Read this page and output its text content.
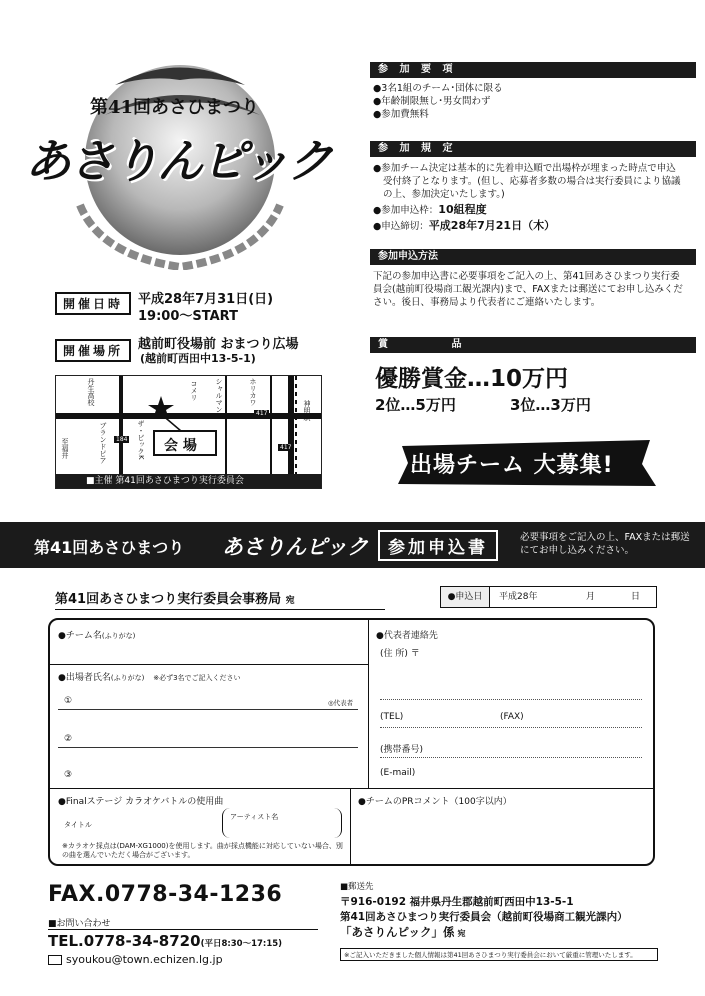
第41回あさひまつり
あさりんピック
開催日時	平成28年7月31日(日)
19:00～START
開催場所	越前町役場前 おまつり広場
(越前町西田中13-5-1)
丹生高校
ブランドピア
至福井	ザ・ビックK
コメリ シャルマン	ホリカワ
神明駅
会 場
417
417
184
■主催 第41回あさひまつり実行委員会
参 加 要 項
●3名1組のチーム･団体に限る
●年齢制限無し･男女問わず
●参加費無料
参 加 規 定
●参加チーム決定は基本的に先着申込順で出場枠が埋まった時点で申込受付終了となります。(但し、応募者多数の場合は実行委員により協議の上、参加決定いたします。)
●参加申込枠：10組程度
●申込締切：平成28年7月21日（木）
参加申込方法
下記の参加申込書に必要事項をご記入の上、第41回あさひまつり実行委員会(越前町役場商工観光課内)まで、FAXまたは郵送にてお申し込みください。後日、事務局より代表者にご連絡いたします。
賞 品
優勝賞金…10万円
2位…5万円	3位…3万円
出場チーム 大募集!
第41回あさひまつり あさりんピック	参加申込書
必要事項をご記入の上、FAXまたは郵送にてお申し込みください。
第41回あさひまつり実行委員会事務局 宛	●申込日	平成28年	月	日
●チーム名(ふりがな)
●出場者氏名(ふりがな) ※必ず3名でご記入ください
①	◎代表者
②
③
●代表者連絡先
(住 所) 〒
(TEL)	(FAX)
(携帯番号)
(E-mail)
●Finalステージ カラオケバトルの使用曲
タイトル
アーティスト名
※カラオケ採点は(DAM-XG1000)を使用します。曲が採点機能に対応していない場合、別の曲を選んでいただく場合がございます。
●チームのPRコメント（100字以内）
FAX.0778-34-1236
■お問い合わせ
TEL.0778-34-8720(平日8:30～17:15)
syoukou@town.echizen.lg.jp
■郵送先
〒916-0192 福井県丹生郡越前町西田中13-5-1
第41回あさひまつり実行委員会（越前町役場商工観光課内）
「あさりんピック」係 宛
※ご記入いただきました個人情報は第41回あさひまつり実行委員会において厳重に管理いたします。
